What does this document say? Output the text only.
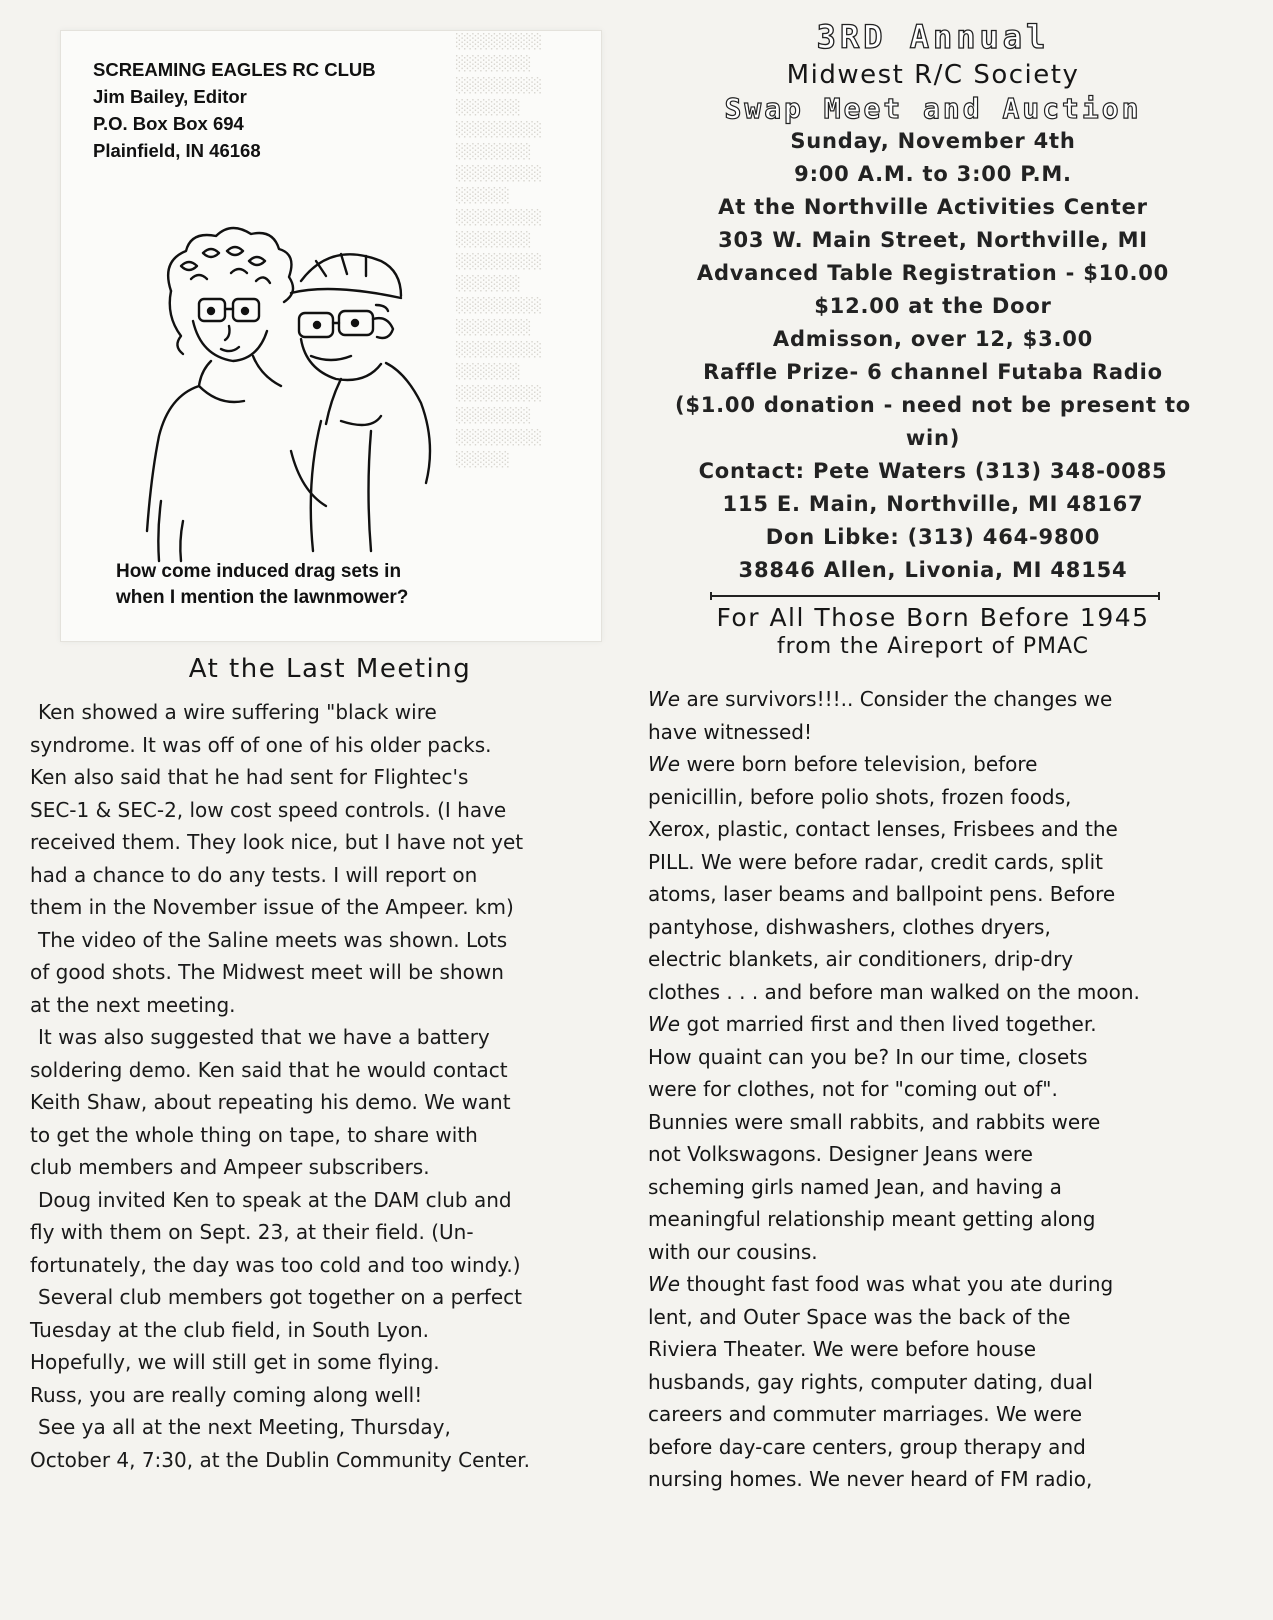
░░░░░░░░
░░░░░░░
░░░░░░░░
░░░░░░
░░░░░░░░
░░░░░░░
░░░░░░░░
░░░░░
░░░░░░░░
░░░░░░░
░░░░░░░░
░░░░░░
░░░░░░░░
░░░░░░░
░░░░░░░░
░░░░░░
░░░░░░░░
░░░░░░░
░░░░░░░░
░░░░░
SCREAMING EAGLES RC CLUB
Jim Bailey, Editor
P.O. Box Box 694
Plainfield, IN 46168
How come induced drag sets in
when I mention the lawnmower?
At the Last Meeting

Ken showed a wire suffering "black wire

syndrome. It was off of one of his older packs.

Ken also said that he had sent for Flightec's

SEC-1 & SEC-2, low cost speed controls. (I have

received them. They look nice, but I have not yet

had a chance to do any tests. I will report on

them in the November issue of the Ampeer. km)

The video of the Saline meets was shown. Lots

of good shots. The Midwest meet will be shown

at the next meeting.

It was also suggested that we have a battery

soldering demo. Ken said that he would contact

Keith Shaw, about repeating his demo. We want

to get the whole thing on tape, to share with

club members and Ampeer subscribers.

Doug invited Ken to speak at the DAM club and

fly with them on Sept. 23, at their field. (Un-

fortunately, the day was too cold and too windy.)

Several club members got together on a perfect

Tuesday at the club field, in South Lyon.

Hopefully, we will still get in some flying.

Russ, you are really coming along well!

See ya all at the next Meeting, Thursday,

October 4, 7:30, at the Dublin Community Center.

3RD Annual
Midwest R/C Society
Swap Meet and Auction
Sunday, November 4th
9:00 A.M. to 3:00 P.M.
At the Northville Activities Center
303 W. Main Street, Northville, MI
Advanced Table Registration - $10.00
$12.00 at the Door
Admisson, over 12, $3.00
Raffle Prize- 6 channel Futaba Radio
($1.00 donation - need not be present to
win)
Contact: Pete Waters (313) 348-0085
115 E. Main, Northville, MI 48167
Don Libke: (313) 464-9800
38846 Allen, Livonia, MI 48154
For All Those Born Before 1945
from the Aireport of PMAC

We are survivors!!!.. Consider the changes we

have witnessed!

We were born before television, before

penicillin, before polio shots, frozen foods,

Xerox, plastic, contact lenses, Frisbees and the

PILL. We were before radar, credit cards, split

atoms, laser beams and ballpoint pens. Before

pantyhose, dishwashers, clothes dryers,

electric blankets, air conditioners, drip-dry

clothes . . . and before man walked on the moon.

We got married first and then lived together.

How quaint can you be? In our time, closets

were for clothes, not for "coming out of".

Bunnies were small rabbits, and rabbits were

not Volkswagons. Designer Jeans were

scheming girls named Jean, and having a

meaningful relationship meant getting along

with our cousins.

We thought fast food was what you ate during

lent, and Outer Space was the back of the

Riviera Theater. We were before house

husbands, gay rights, computer dating, dual

careers and commuter marriages. We were

before day-care centers, group therapy and

nursing homes. We never heard of FM radio,
